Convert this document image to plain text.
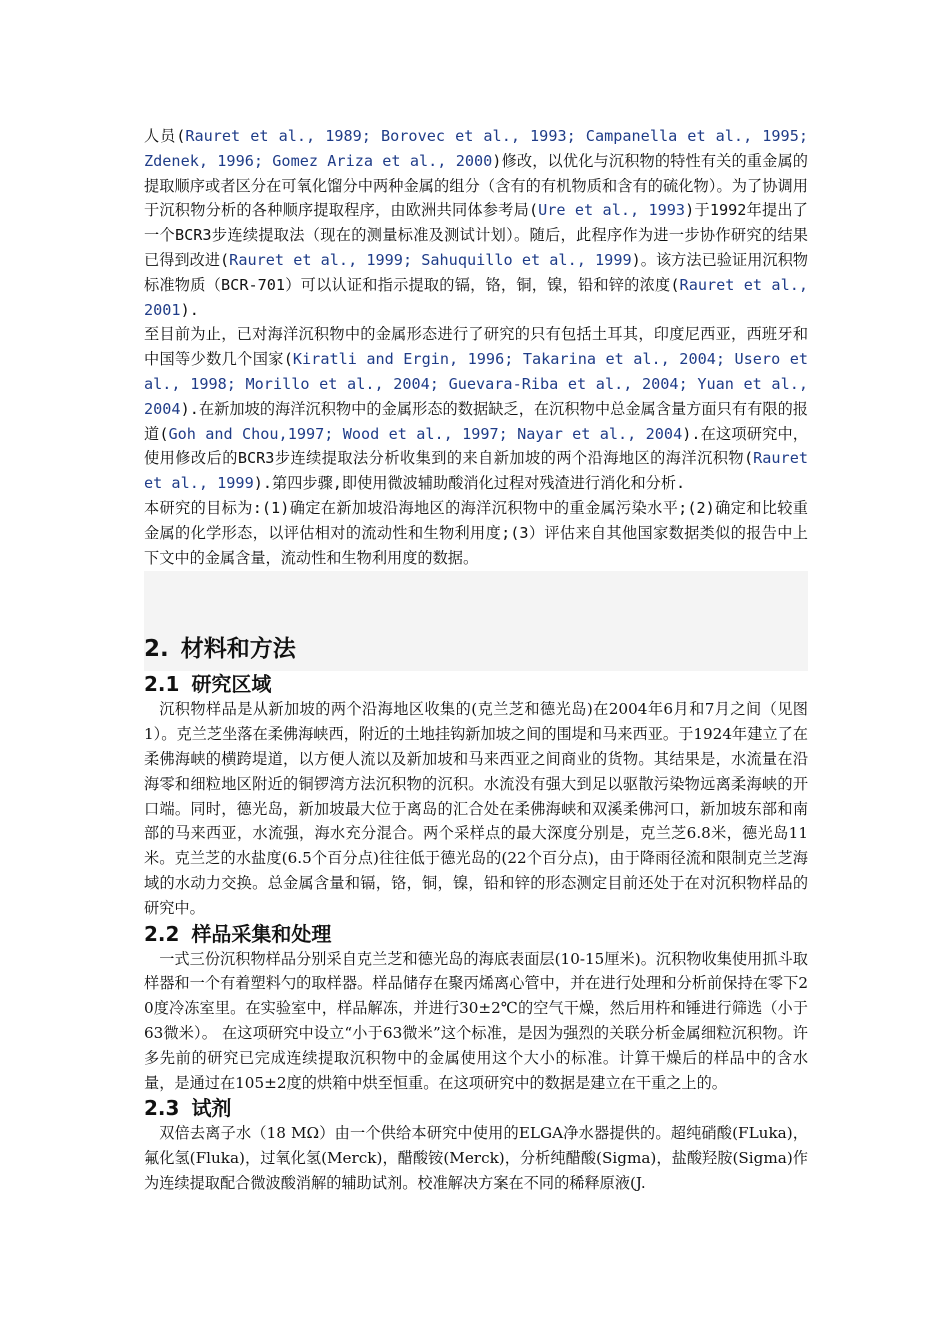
人员(Rauret et al., 1989; Borovec et al., 1993; Campanella et al., 1995; Zdenek, 1996; Gomez Ariza et al., 2000)修改，以优化与沉积物的特性有关的重金属的提取顺序或者区分在可氧化馏分中两种金属的组分（含有的有机物质和含有的硫化物）。为了协调用于沉积物分析的各种顺序提取程序，由欧洲共同体参考局(Ure et al., 1993)于1992年提出了一个BCR3步连续提取法（现在的测量标准及测试计划）。随后，此程序作为进一步协作研究的结果已得到改进(Rauret et al., 1999; Sahuquillo et al., 1999)。该方法已验证用沉积物标准物质（BCR-701）可以认证和指示提取的镉，铬，铜，镍，铅和锌的浓度(Rauret et al., 2001).

至目前为止，已对海洋沉积物中的金属形态进行了研究的只有包括土耳其，印度尼西亚，西班牙和中国等少数几个国家(Kiratli and Ergin, 1996; Takarina et al., 2004; Usero et al., 1998; Morillo et al., 2004; Guevara-Riba et al., 2004; Yuan et al., 2004).在新加坡的海洋沉积物中的金属形态的数据缺乏，在沉积物中总金属含量方面只有有限的报道(Goh and Chou,1997; Wood et al., 1997; Nayar et al., 2004).在这项研究中，使用修改后的BCR3步连续提取法分析收集到的来自新加坡的两个沿海地区的海洋沉积物(Rauret et al., 1999).第四步骤,即使用微波辅助酸消化过程对残渣进行消化和分析.

本研究的目标为:(1)确定在新加坡沿海地区的海洋沉积物中的重金属污染水平;(2)确定和比较重金属的化学形态，以评估相对的流动性和生物利用度;(3）评估来自其他国家数据类似的报告中上下文中的金属含量，流动性和生物利用度的数据。

2. 材料和方法
2.1 研究区域

沉积物样品是从新加坡的两个沿海地区收集的(克兰芝和德光岛)在2004年6月和7月之间（见图1）。克兰芝坐落在柔佛海峡西，附近的土地挂钩新加坡之间的围堤和马来西亚。于1924年建立了在柔佛海峡的横跨堤道，以方便人流以及新加坡和马来西亚之间商业的货物。其结果是，水流量在沿海零和细粒地区附近的铜锣湾方法沉积物的沉积。水流没有强大到足以驱散污染物远离柔海峡的开口端。同时，德光岛，新加坡最大位于离岛的汇合处在柔佛海峡和双溪柔佛河口，新加坡东部和南部的马来西亚，水流强，海水充分混合。两个采样点的最大深度分别是，克兰芝6.8米，德光岛11米。克兰芝的水盐度(6.5个百分点)往往低于德光岛的(22个百分点)，由于降雨径流和限制克兰芝海域的水动力交换。总金属含量和镉，铬，铜，镍，铅和锌的形态测定目前还处于在对沉积物样品的研究中。

2.2 样品采集和处理

一式三份沉积物样品分别采自克兰芝和德光岛的海底表面层(10-15厘米)。沉积物收集使用抓斗取样器和一个有着塑料勺的取样器。样品储存在聚丙烯离心管中，并在进行处理和分析前保持在零下20度冷冻室里。在实验室中，样品解冻，并进行30±2℃的空气干燥，然后用杵和锤进行筛选（小于63微米）。 在这项研究中设立“小于63微米”这个标准，是因为强烈的关联分析金属细粒沉积物。许多先前的研究已完成连续提取沉积物中的金属使用这个大小的标准。计算干燥后的样品中的含水量，是通过在105±2度的烘箱中烘至恒重。在这项研究中的数据是建立在干重之上的。

2.3 试剂

双倍去离子水（18 MΩ）由一个供给本研究中使用的ELGA净水器提供的。超纯硝酸(FLuka)，氟化氢(Fluka)，过氧化氢(Merck)，醋酸铵(Merck)，分析纯醋酸(Sigma)，盐酸羟胺(Sigma)作为连续提取配合微波酸消解的辅助试剂。校准解决方案在不同的稀释原液(J.
